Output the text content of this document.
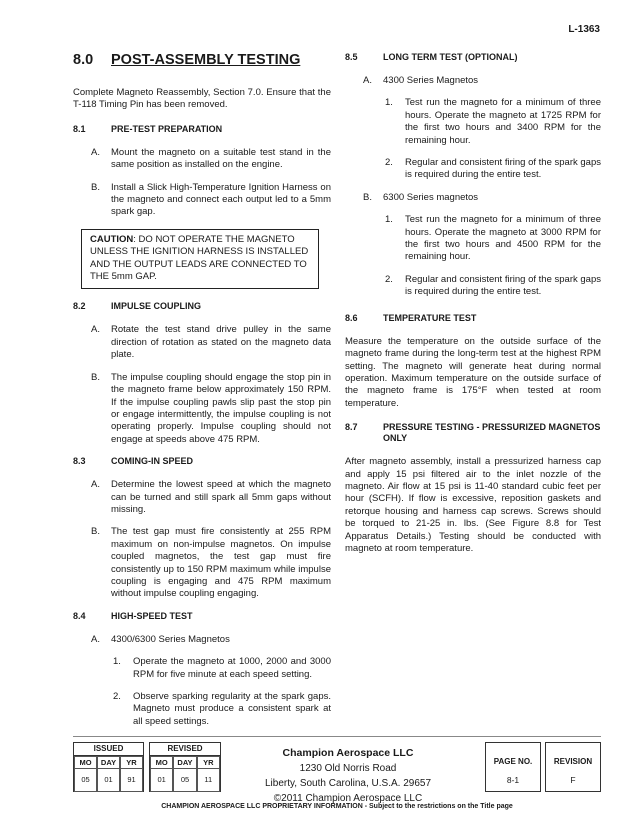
L-1363
8.0	POST-ASSEMBLY TESTING
Complete Magneto Reassembly, Section 7.0. Ensure that the T-118 Timing Pin has been removed.
8.1	PRE-TEST PREPARATION
A.	Mount the magneto on a suitable test stand in the same position as installed on the engine.
B.	Install a Slick High-Temperature Ignition Harness on the magneto and connect each output led to a 5mm spark gap.
CAUTION: DO NOT OPERATE THE MAGNETO UNLESS THE IGNITION HARNESS IS INSTALLED AND THE OUTPUT LEADS ARE CONNECTED TO THE 5mm GAP.
8.2	IMPULSE COUPLING
A.	Rotate the test stand drive pulley in the same direction of rotation as stated on the magneto data plate.
B.	The impulse coupling should engage the stop pin in the magneto frame below approximately 150 RPM. If the impulse coupling pawls slip past the stop pin or engage intermittently, the impulse coupling is not operating properly. Impulse coupling should not engage at speeds above 475 RPM.
8.3	COMING-IN SPEED
A.	Determine the lowest speed at which the magneto can be turned and still spark all 5mm gaps without missing.
B.	The test gap must fire consistently at 255 RPM maximum on non-impulse magnetos. On impulse coupled magnetos, the test gap must fire consistently up to 150 RPM maximum while impulse coupling is engaging and 475 RPM maximum without impulse coupling engaging.
8.4	HIGH-SPEED TEST
A.	4300/6300 Series Magnetos
1.	Operate the magneto at 1000, 2000 and 3000 RPM for five minute at each speed setting.
2.	Observe sparking regularity at the spark gaps. Magneto must produce a consistent spark at all speed settings.
8.5	LONG TERM TEST (OPTIONAL)
A.	4300 Series Magnetos
1.	Test run the magneto for a minimum of three hours. Operate the magneto at 1725 RPM for the first two hours and 3400 RPM for the remaining hour.
2.	Regular and consistent firing of the spark gaps is required during the entire test.
B.	6300 Series magnetos
1.	Test run the magneto for a minimum of three hours. Operate the magneto at 3000 RPM for the first two hours and 4500 RPM for the remaining hour.
2.	Regular and consistent firing of the spark gaps is required during the entire test.
8.6	TEMPERATURE TEST
Measure the temperature on the outside surface of the magneto frame during the long-term test at the highest RPM setting. The magneto will generate heat during normal operation. Maximum temperature on the outside surface of the magneto frame is 175°F when tested at room temperature.
8.7	PRESSURE TESTING - PRESSURIZED MAGNETOS ONLY
After magneto assembly, install a pressurized harness cap and apply 15 psi filtered air to the inlet nozzle of the magneto. Air flow at 15 psi is 11-40 standard cubic feet per hour (SCFH). If flow is excessive, reposition gaskets and retorque housing and harness cap screws. Screws should be torqued to 21-25 in. lbs. (See Figure 8.8 for Test Apparatus Details.) Testing should be conducted with magneto at room temperature.
ISSUED
MO	DAY	YR
05	01	91
REVISED
MO	DAY	YR
01	05	11
Champion Aerospace LLC
1230 Old Norris Road
Liberty, South Carolina, U.S.A. 29657
©2011 Champion Aerospace LLC
PAGE NO.
8-1
REVISION
F
CHAMPION AEROSPACE LLC PROPRIETARY INFORMATION - Subject to the restrictions on the Title page
